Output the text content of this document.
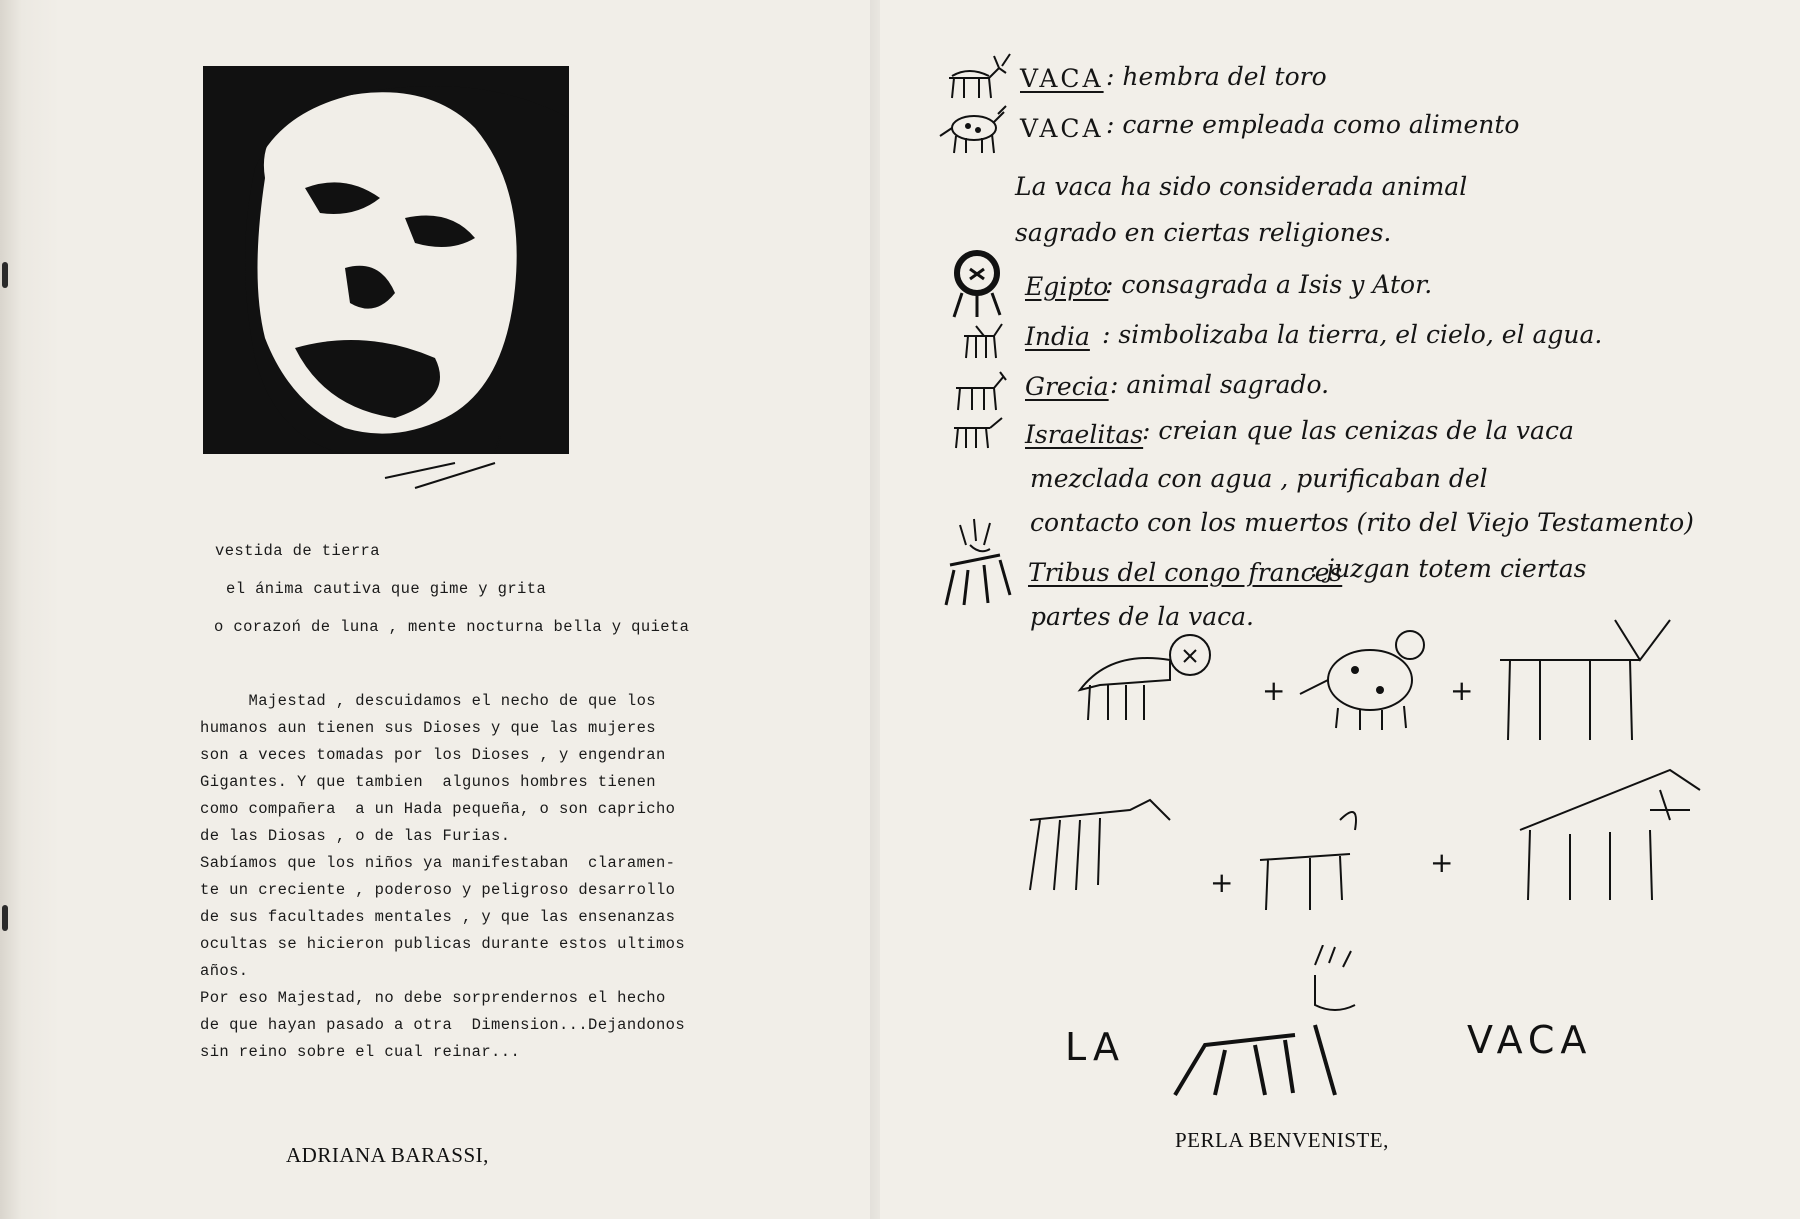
vestida de tierra
el ánima cautiva que gime y grita
o corazoń de luna , mente nocturna bella y quieta
Majestad , descuidamos el necho de que los
humanos aun tienen sus Dioses y que las mujeres
son a veces tomadas por los Dioses , y engendran
Gigantes. Y que tambien  algunos hombres tienen
como compañera  a un Hada pequeña, o son capricho
de las Diosas , o de las Furias.
Sabíamos que los niños ya manifestaban  claramen-
te un creciente , poderoso y peligroso desarrollo
de sus facultades mentales , y que las ensenanzas
ocultas se hicieron publicas durante estos ultimos
años.
Por eso Majestad, no debe sorprendernos el hecho
de que hayan pasado a otra  Dimension...Dejandonos
sin reino sobre el cual reinar...
ADRIANA BARASSI,
VACA : hembra del toro
VACA : carne empleada como alimento
La vaca ha sido considerada animal
sagrado en ciertas religiones.
Egipto
: consagrada a Isis y Ator.
India : simbolizaba la tierra, el cielo, el agua.
Grecia : animal sagrado.
Israelitas
: creian que las cenizas de la vaca
mezclada con agua , purificaban del
contacto con los muertos (rito del Viejo Testamento)
Tribus del congo frances
: juzgan totem ciertas
partes de la vaca.
+	+
+
+
LA	VACA
PERLA BENVENISTE,
